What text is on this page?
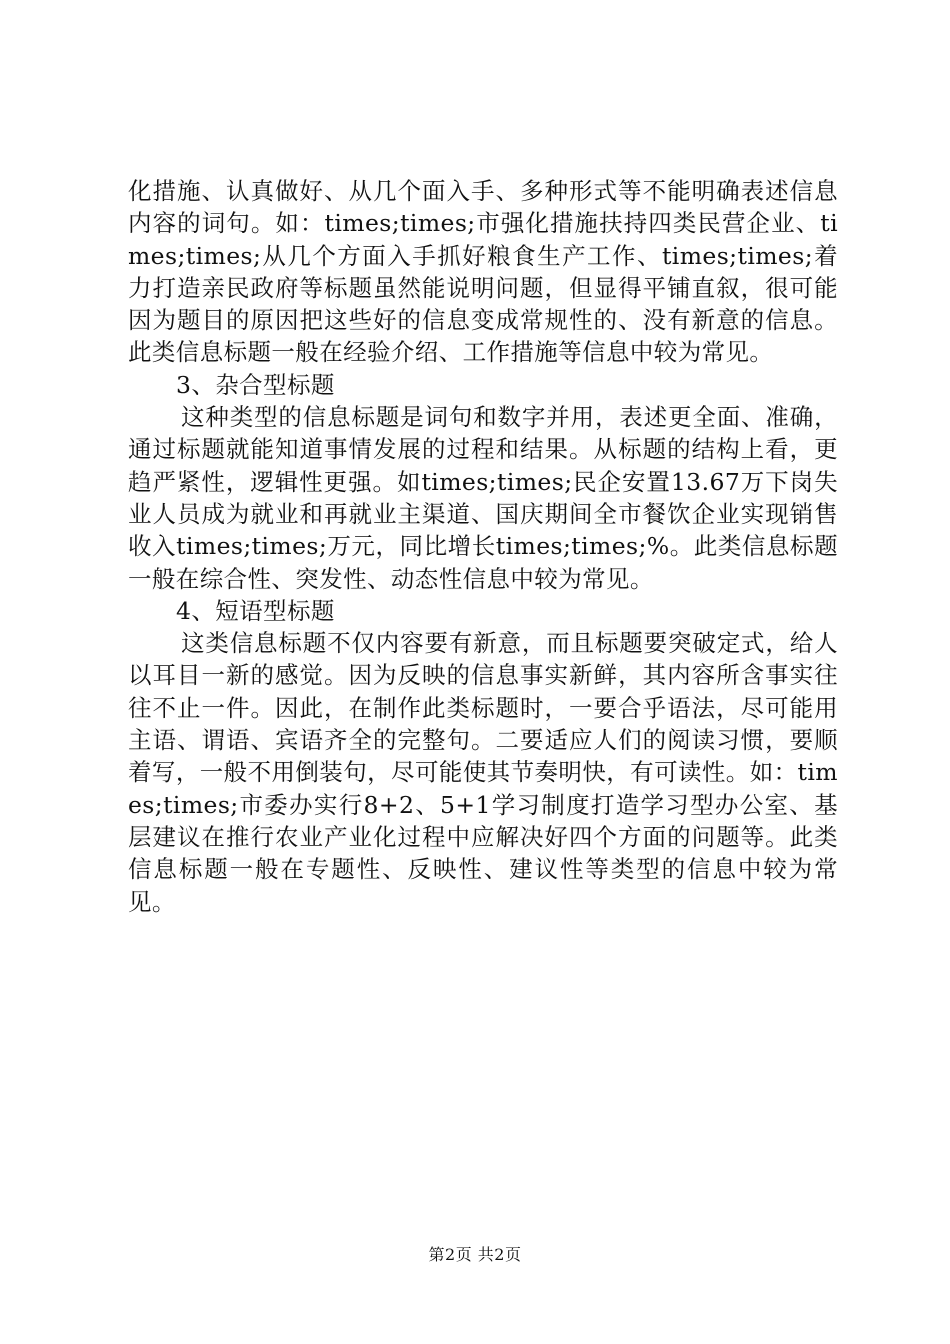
化措施、认真做好、从几个面入手、多种形式等不能明确表述信息内容的词句。如：times;times;市强化措施扶持四类民营企业、times;times;从几个方面入手抓好粮食生产工作、times;times;着力打造亲民政府等标题虽然能说明问题，但显得平铺直叙，很可能因为题目的原因把这些好的信息变成常规性的、没有新意的信息。此类信息标题一般在经验介绍、工作措施等信息中较为常见。

3、杂合型标题

这种类型的信息标题是词句和数字并用，表述更全面、准确，通过标题就能知道事情发展的过程和结果。从标题的结构上看，更趋严紧性，逻辑性更强。如times;times;民企安置13.67万下岗失业人员成为就业和再就业主渠道、国庆期间全市餐饮企业实现销售收入times;times;万元，同比增长times;times;%。此类信息标题一般在综合性、突发性、动态性信息中较为常见。

4、短语型标题

这类信息标题不仅内容要有新意，而且标题要突破定式，给人以耳目一新的感觉。因为反映的信息事实新鲜，其内容所含事实往往不止一件。因此，在制作此类标题时，一要合乎语法，尽可能用主语、谓语、宾语齐全的完整句。二要适应人们的阅读习惯，要顺着写，一般不用倒装句，尽可能使其节奏明快，有可读性。如：times;times;市委办实行8+2、5+1学习制度打造学习型办公室、基层建议在推行农业产业化过程中应解决好四个方面的问题等。此类信息标题一般在专题性、反映性、建议性等类型的信息中较为常见。

第2页 共2页
